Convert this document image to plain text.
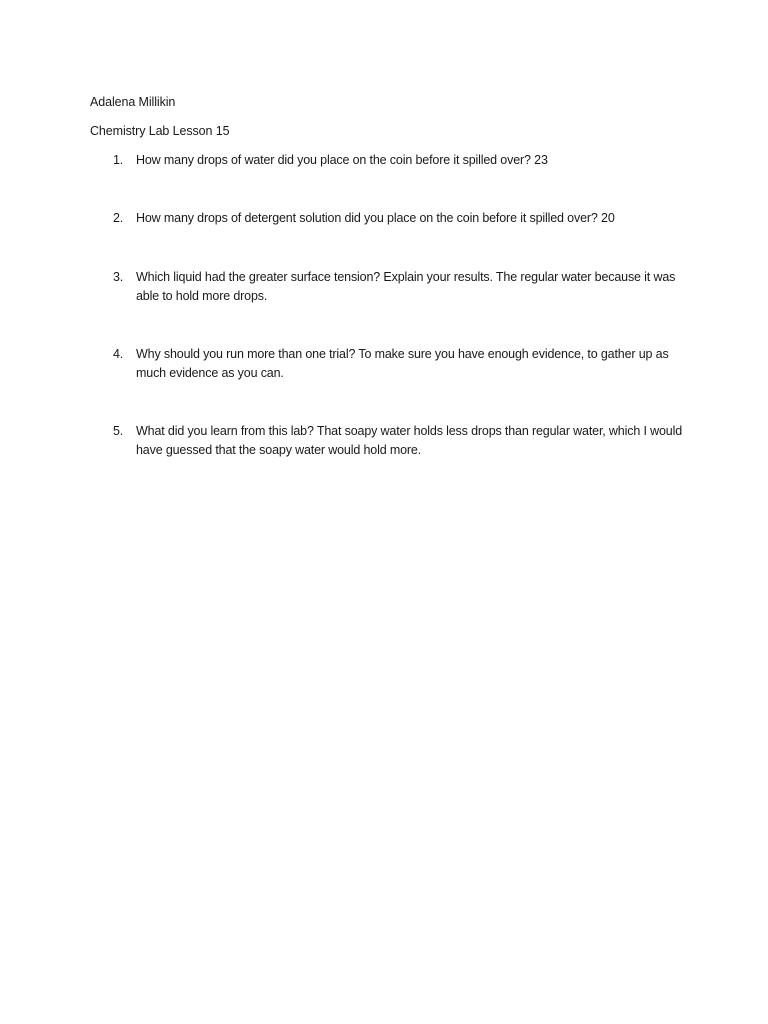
Adalena Millikin
Chemistry Lab Lesson 15
1.	How many drops of water did you place on the coin before it spilled over? 23
2.	How many drops of detergent solution did you place on the coin before it spilled over? 20
3.	Which liquid had the greater surface tension? Explain your results. The regular water because it was able to hold more drops.
4.	Why should you run more than one trial? To make sure you have enough evidence, to gather up as much evidence as you can.
5.	What did you learn from this lab? That soapy water holds less drops than regular water, which I would have guessed that the soapy water would hold more.
